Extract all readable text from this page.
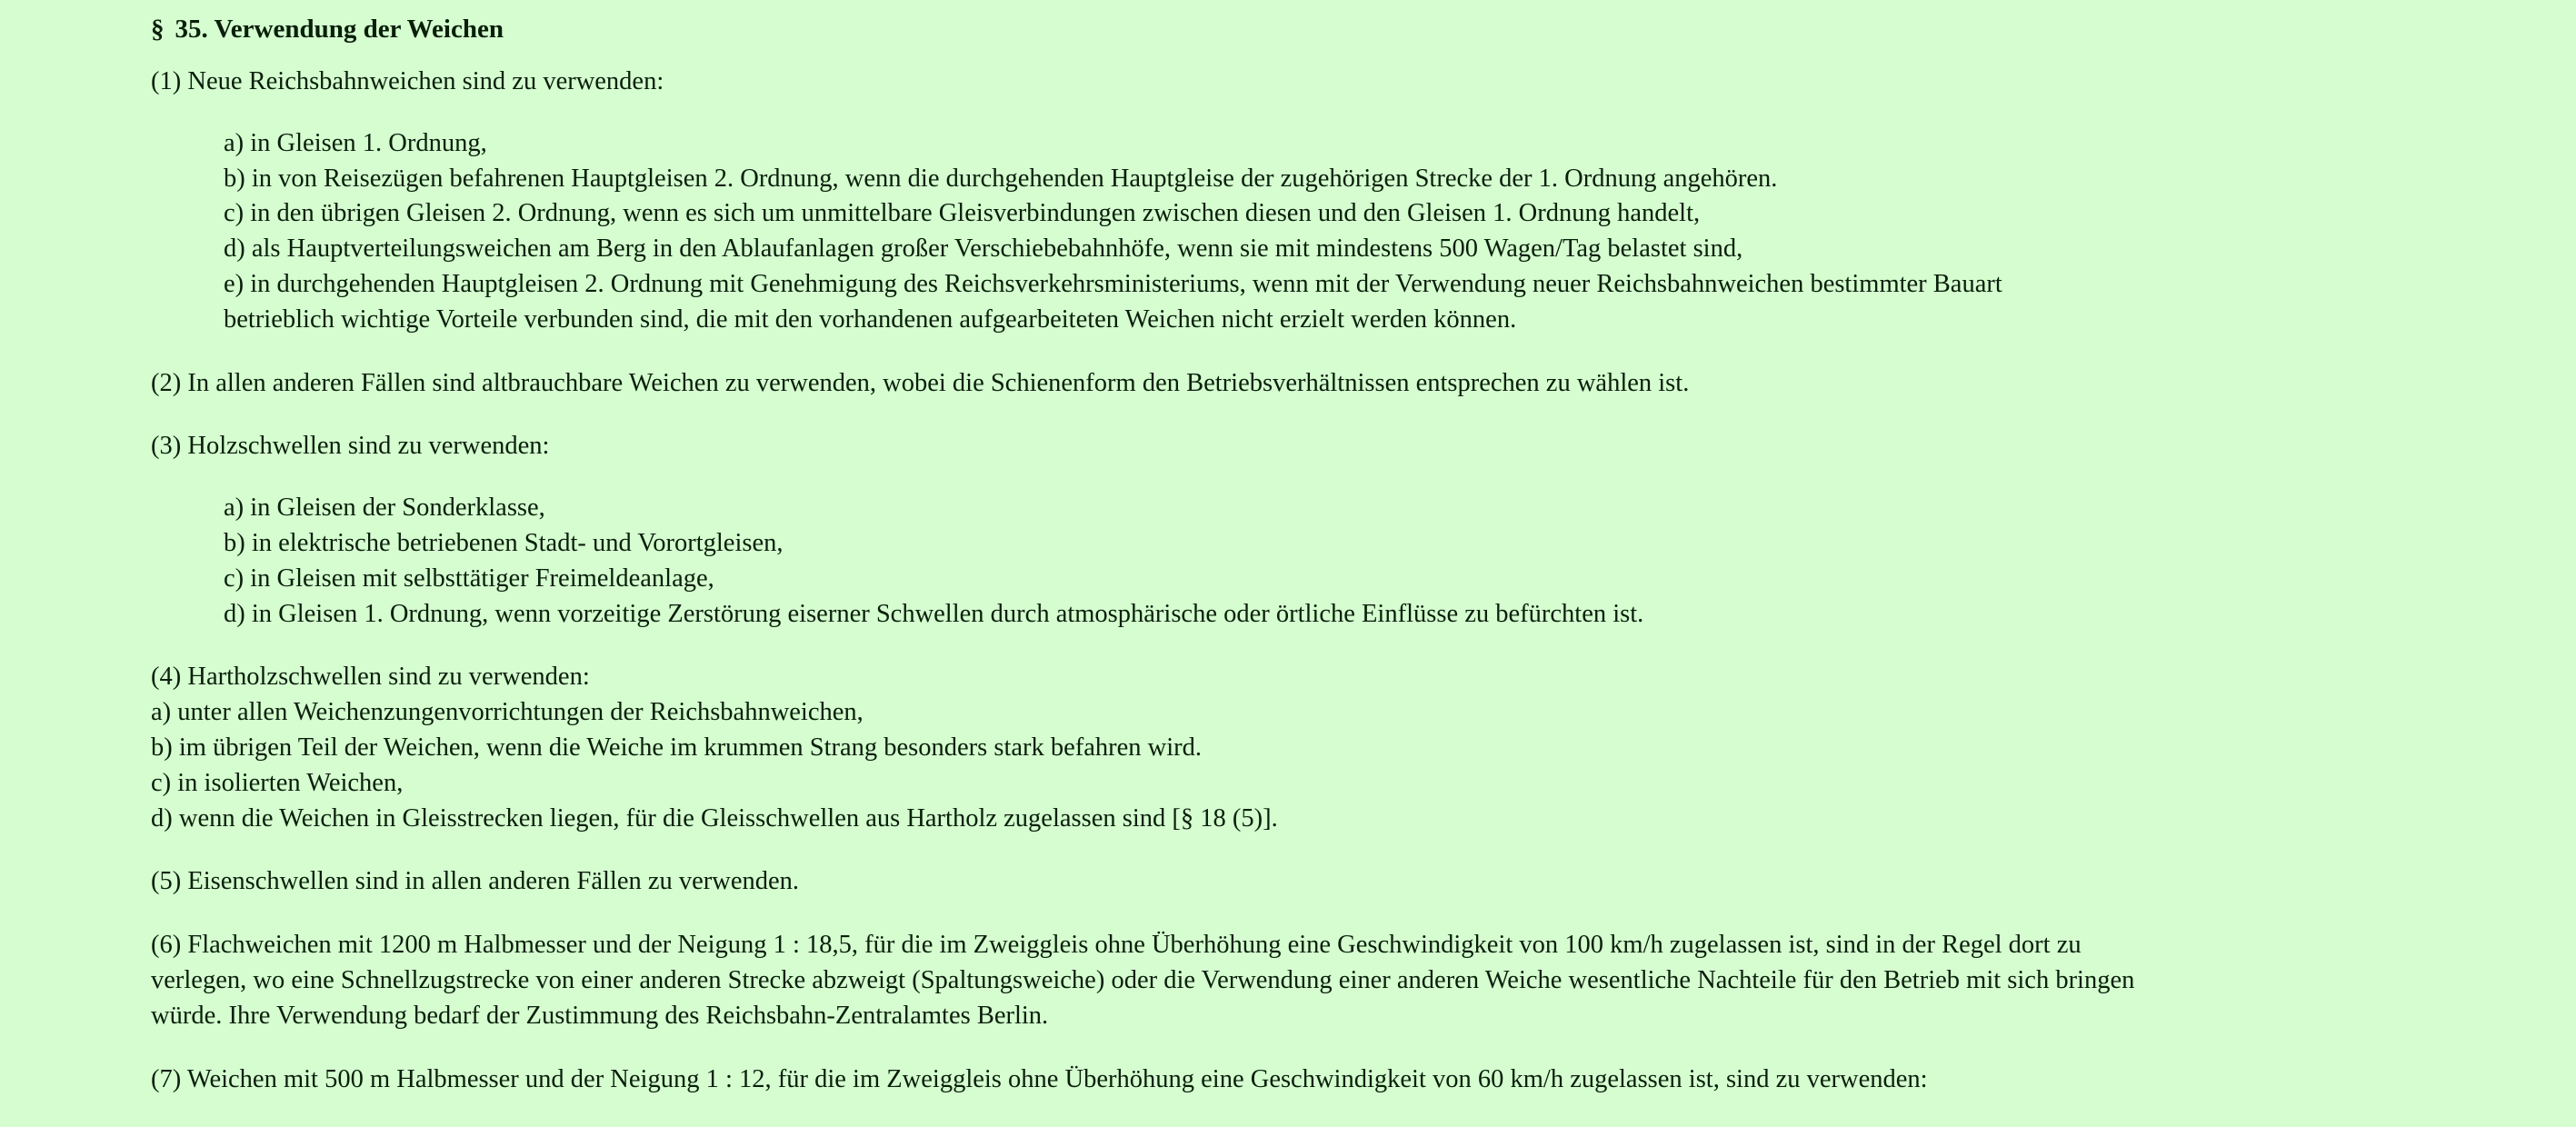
§ 35. Verwendung der Weichen

(1) Neue Reichsbahnweichen sind zu verwenden:

a) in Gleisen 1. Ordnung,
b) in von Reisezügen befahrenen Hauptgleisen 2. Ordnung, wenn die durchgehenden Hauptgleise der zugehörigen Strecke der 1. Ordnung angehören.
c) in den übrigen Gleisen 2. Ordnung, wenn es sich um unmittelbare Gleisverbindungen zwischen diesen und den Gleisen 1. Ordnung handelt,
d) als Hauptverteilungsweichen am Berg in den Ablaufanlagen großer Verschiebebahnhöfe, wenn sie mit mindestens 500 Wagen/Tag belastet sind,
e) in durchgehenden Hauptgleisen 2. Ordnung mit Genehmigung des Reichsverkehrsministeriums, wenn mit der Verwendung neuer Reichsbahnweichen bestimmter Bauart
betrieblich wichtige Vorteile verbunden sind, die mit den vorhandenen aufgearbeiteten Weichen nicht erzielt werden können.

(2) In allen anderen Fällen sind altbrauchbare Weichen zu verwenden, wobei die Schienenform den Betriebsverhältnissen entsprechen zu wählen ist.

(3) Holzschwellen sind zu verwenden:

a) in Gleisen der Sonderklasse,
b) in elektrische betriebenen Stadt- und Vorortgleisen,
c) in Gleisen mit selbsttätiger Freimeldeanlage,
d) in Gleisen 1. Ordnung, wenn vorzeitige Zerstörung eiserner Schwellen durch atmosphärische oder örtliche Einflüsse zu befürchten ist.
(4) Hartholzschwellen sind zu verwenden:
a) unter allen Weichenzungenvorrichtungen der Reichsbahnweichen,
b) im übrigen Teil der Weichen, wenn die Weiche im krummen Strang besonders stark befahren wird.
c) in isolierten Weichen,
d) wenn die Weichen in Gleisstrecken liegen, für die Gleisschwellen aus Hartholz zugelassen sind [§ 18 (5)].

(5) Eisenschwellen sind in allen anderen Fällen zu verwenden.

(6) Flachweichen mit 1200 m Halbmesser und der Neigung 1 : 18,5, für die im Zweiggleis ohne Überhöhung eine Geschwindigkeit von 100 km/h zugelassen ist, sind in der Regel dort zu
verlegen, wo eine Schnellzugstrecke von einer anderen Strecke abzweigt (Spaltungsweiche) oder die Verwendung einer anderen Weiche wesentliche Nachteile für den Betrieb mit sich bringen
würde. Ihre Verwendung bedarf der Zustimmung des Reichsbahn-Zentralamtes Berlin.

(7) Weichen mit 500 m Halbmesser und der Neigung 1 : 12, für die im Zweiggleis ohne Überhöhung eine Geschwindigkeit von 60 km/h zugelassen ist, sind zu verwenden:
